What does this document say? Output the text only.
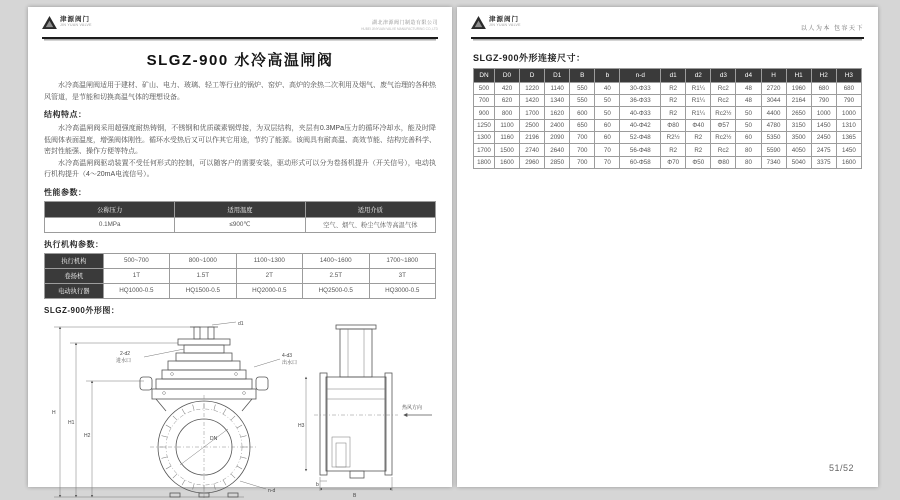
津源阀门
JIN YUAN VALVE	湖北津源阀门制造有限公司
HUBEI JINYUAN VALVE MANUFACTURING CO.,LTD
SLGZ-900 水冷高温闸阀

水冷高温闸阀适用于建材、矿山、电力、玻璃、轻工等行业的锅炉、窑炉、高炉的余热二次利用及烟气、废气治理的各种热风管道，是节能和切换高温气体的理想设备。

结构特点：

水冷高温闸阀采用超强度耐热铸钢，不锈钢和优质碳素钢焊接，为双层结构，夹层有0.3MPa压力的循环冷却水，能及时降低阀体表面温度，增强阀体刚性。循环水受热后又可以作其它用途，节约了能源。该阀具有耐高温、高效节能、结构完善科学、密封性能强、操作方便等特点。

水冷高温闸阀驱动装置不受任何形式的控制，可以随客户的需要安装，驱动形式可以分为卷扬机提升（开关信号），电动执行机构提升（4～20mA电流信号）。

性能参数：
公称压力	适用温度	适用介质
0.1MPa	≤900℃	空气、烟气、粉尘气体等高温气体
执行机构参数：
执行机构	500~700	800~1000	1100~1300	1400~1600	1700~1800
卷扬机	1T	1.5T	2T	2.5T	3T
电动执行器	HQ1000-0.5	HQ1500-0.5	HQ2000-0.5	HQ2500-0.5	HQ3000-0.5
SLGZ-900外形图：
H
H1
H2	DN
2-d2
进水口
d1
4-d3
出水口
n-d
H3
B
b
热风方向
津源阀门
JIN YUAN VALVE
以人为本 包容天下
SLGZ-900外形连接尺寸：
DN	D0	D	D1	B	b	n-d	d1	d2	d3	d4	H	H1	H2	H3
500	420	1220	1140	550	40	30-Φ33	R2	R1¼	Rc2	48	2720	1960	680	680
700	620	1420	1340	550	50	36-Φ33	R2	R1¼	Rc2	48	3044	2164	790	790
900	800	1700	1620	600	50	40-Φ33	R2	R1¼	Rc2½	50	4400	2650	1000	1000
1250	1100	2500	2400	650	60	40-Φ42	Φ80	Φ40	Φ57	50	4780	3150	1450	1310
1300	1160	2196	2090	700	60	52-Φ48	R2½	R2	Rc2½	60	5350	3500	2450	1365
1700	1500	2740	2640	700	70	56-Φ48	R2	R2	Rc2	80	5590	4050	2475	1450
1800	1600	2960	2850	700	70	60-Φ58	Φ70	Φ50	Φ80	80	7340	5040	3375	1600
51/52
